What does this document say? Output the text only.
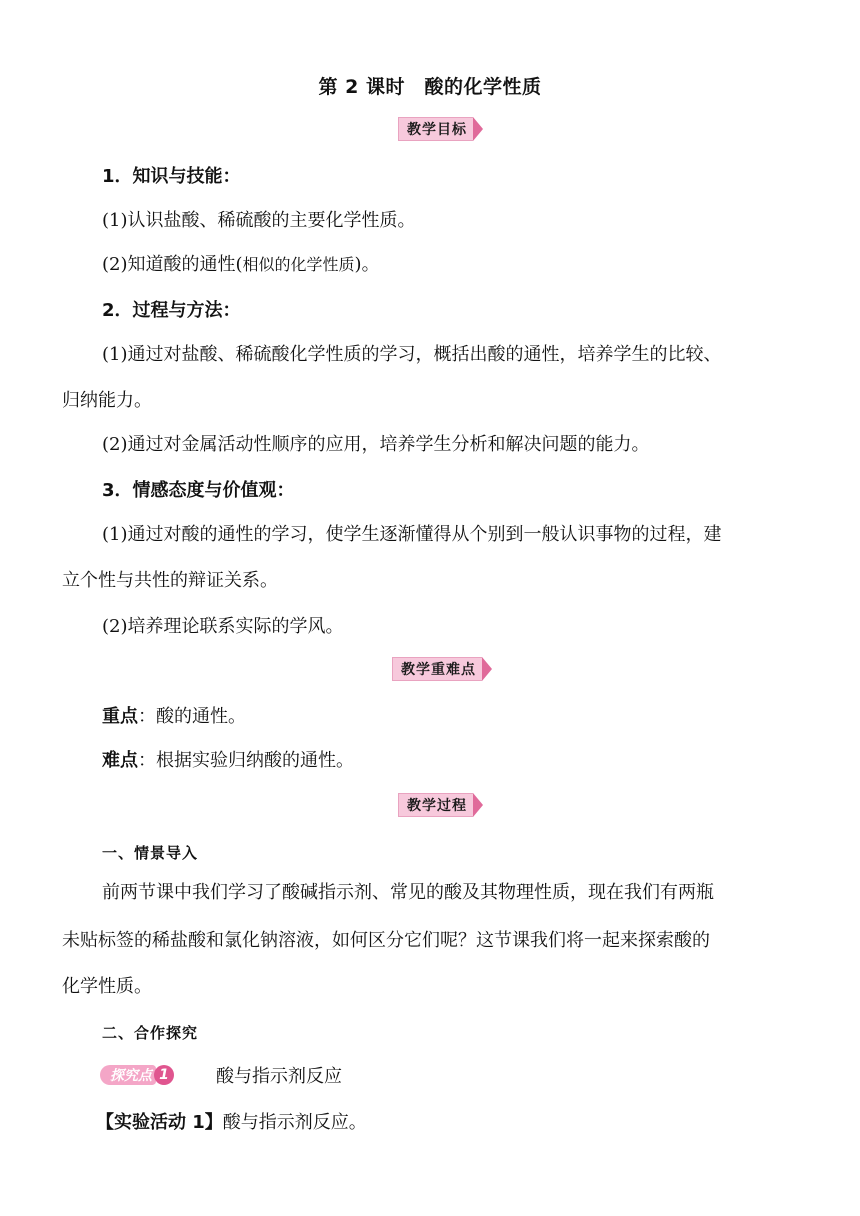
第 2 课时　酸的化学性质
教学目标
1．知识与技能：
(1)认识盐酸、稀硫酸的主要化学性质。
(2)知道酸的通性(相似的化学性质)。
2．过程与方法：
(1)通过对盐酸、稀硫酸化学性质的学习，概括出酸的通性，培养学生的比较、
归纳能力。
(2)通过对金属活动性顺序的应用，培养学生分析和解决问题的能力。
3．情感态度与价值观：
(1)通过对酸的通性的学习，使学生逐渐懂得从个别到一般认识事物的过程，建
立个性与共性的辩证关系。
(2)培养理论联系实际的学风。
教学重难点
重点：酸的通性。
难点：根据实验归纳酸的通性。
教学过程
一、情景导入
前两节课中我们学习了酸碱指示剂、常见的酸及其物理性质，现在我们有两瓶
未贴标签的稀盐酸和氯化钠溶液，如何区分它们呢？这节课我们将一起来探索酸的
化学性质。
二、合作探究
探究点 1	酸与指示剂反应
【实验活动 1】酸与指示剂反应。
